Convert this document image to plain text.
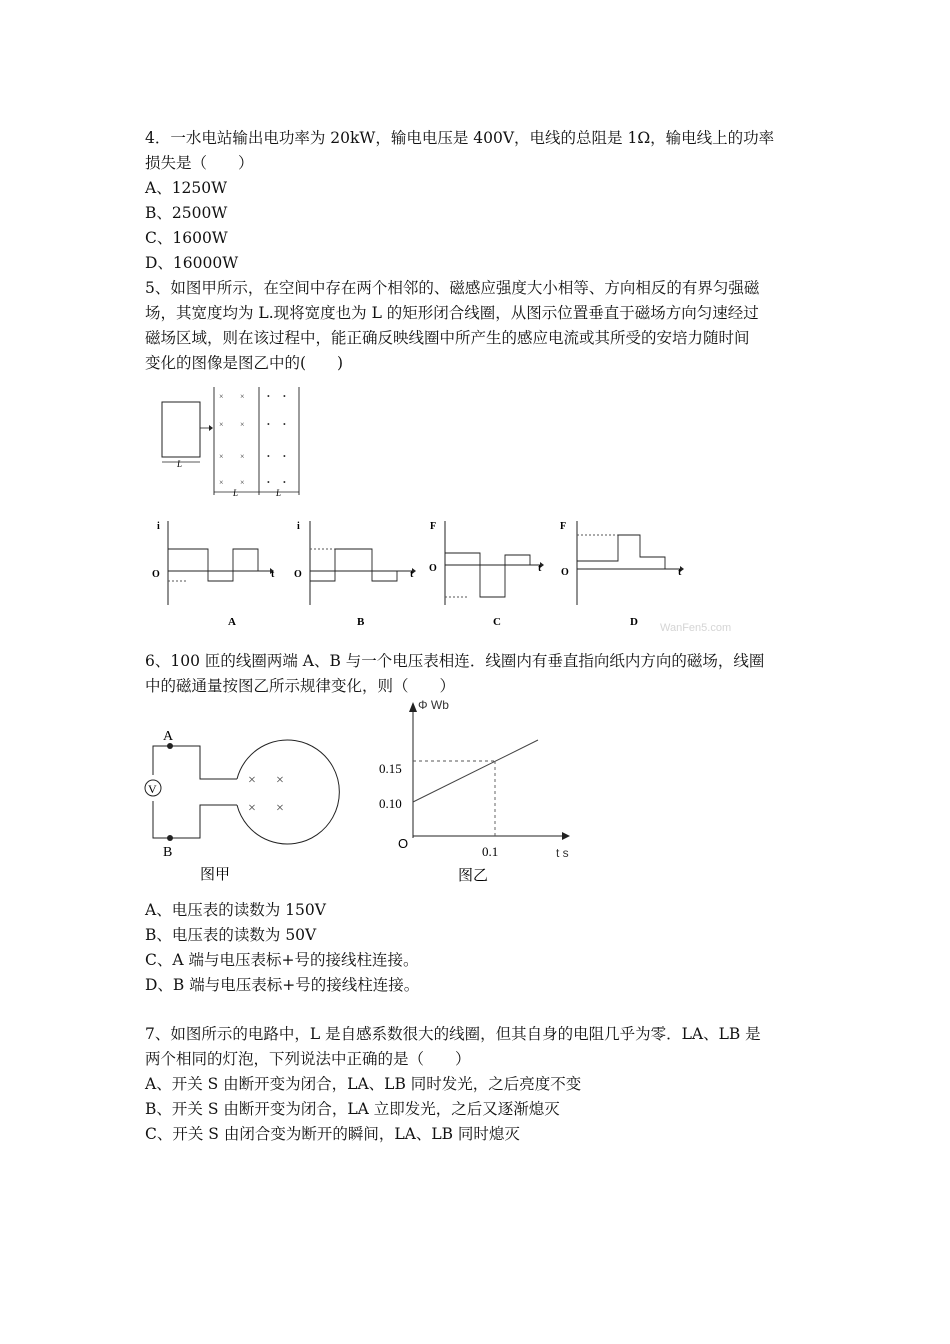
4．一水电站输出电功率为 20kW，输电电压是 400V，电线的总阻是 1Ω，输电线上的功率
损失是（　　）
A、1250W
B、2500W
C、1600W
D、16000W
5、如图甲所示，在空间中存在两个相邻的、磁感应强度大小相等、方向相反的有界匀强磁
场，其宽度均为 L.现将宽度也为 L 的矩形闭合线圈，从图示位置垂直于磁场方向匀速经过
磁场区域，则在该过程中，能正确反映线圈中所产生的感应电流或其所受的安培力随时间
变化的图像是图乙中的(　　)
L
× ×
× ×
× ×
× ×
• •
• •
• •
• •
L	L
i
O	t
A
i
O	t
B
F
O	t
C
F
O	t
D WanFen5.com
6、100 匝的线圈两端 A、B 与一个电压表相连．线圈内有垂直指向纸内方向的磁场，线圈
中的磁通量按图乙所示规律变化，则（　　）
V
A
B
× ×
× ×
图甲
Φ Wb
t s
O
0.15
0.10
0.1
图乙
A、电压表的读数为 150V
B、电压表的读数为 50V
C、A 端与电压表标+号的接线柱连接。
D、B 端与电压表标+号的接线柱连接。
7、如图所示的电路中，L 是自感系数很大的线圈，但其自身的电阻几乎为零．LA、LB 是
两个相同的灯泡，下列说法中正确的是（　　）
A、开关 S 由断开变为闭合，LA、LB 同时发光，之后亮度不变
B、开关 S 由断开变为闭合，LA 立即发光，之后又逐渐熄灭
C、开关 S 由闭合变为断开的瞬间，LA、LB 同时熄灭
